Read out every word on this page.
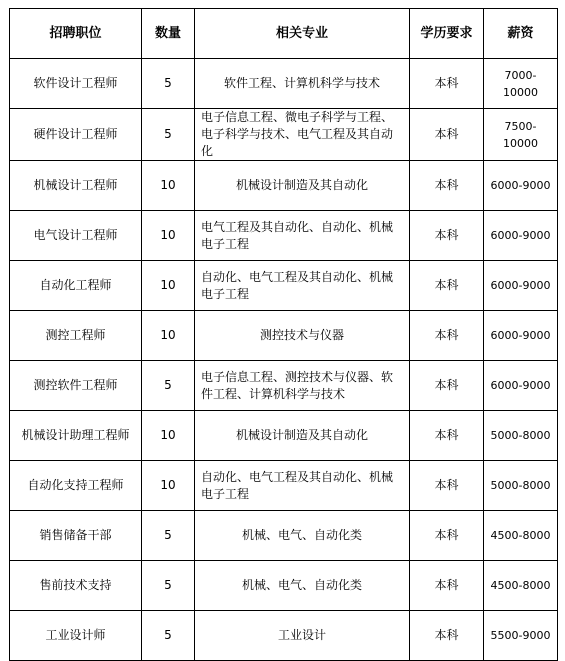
招聘职位	数量	相关专业	学历要求	薪资
软件设计工程师	5	软件工程、计算机科学与技术	本科	7000-10000
硬件设计工程师	5	电子信息工程、微电子科学与工程、电子科学与技术、电气工程及其自动化	本科	7500-10000
机械设计工程师	10	机械设计制造及其自动化	本科	6000-9000
电气设计工程师	10	电气工程及其自动化、自动化、机械电子工程	本科	6000-9000
自动化工程师	10	自动化、电气工程及其自动化、机械电子工程	本科	6000-9000
测控工程师	10	测控技术与仪器	本科	6000-9000
测控软件工程师	5	电子信息工程、测控技术与仪器、软件工程、计算机科学与技术	本科	6000-9000
机械设计助理工程师	10	机械设计制造及其自动化	本科	5000-8000
自动化支持工程师	10	自动化、电气工程及其自动化、机械电子工程	本科	5000-8000
销售储备干部	5	机械、电气、自动化类	本科	4500-8000
售前技术支持	5	机械、电气、自动化类	本科	4500-8000
工业设计师	5	工业设计	本科	5500-9000
